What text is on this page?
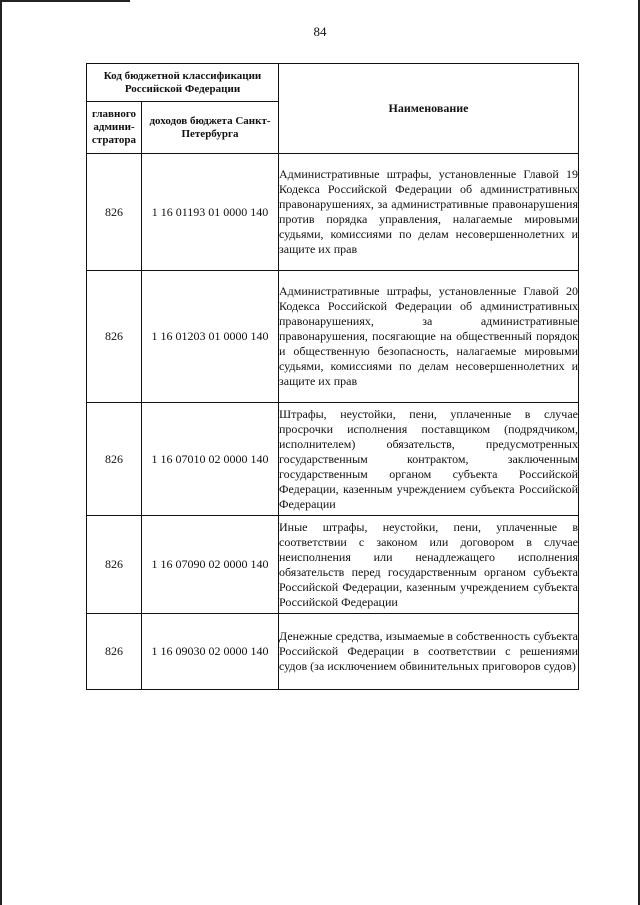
84
Код бюджетной классификации Российской Федерации		Наименование
главного админи-стратора	доходов бюджета Санкт-Петербурга	
826	1 16 01193 01 0000 140	Административные штрафы, установленные Главой 19 Кодекса Российской Федерации об административных правонарушениях, за административные правонарушения против порядка управления, налагаемые мировыми судьями, комиссиями по делам несовершеннолетних и защите их прав
826	1 16 01203 01 0000 140	Административные штрафы, установленные Главой 20 Кодекса Российской Федерации об административных правонарушениях, за административные правонарушения, посягающие на общественный порядок и общественную безопасность, налагаемые мировыми судьями, комиссиями по делам несовершеннолетних и защите их прав
826	1 16 07010 02 0000 140	Штрафы, неустойки, пени, уплаченные в случае просрочки исполнения поставщиком (подрядчиком, исполнителем) обязательств, предусмотренных государственным контрактом, заключенным государственным органом субъекта Российской Федерации, казенным учреждением субъекта Российской Федерации
826	1 16 07090 02 0000 140	Иные штрафы, неустойки, пени, уплаченные в соответствии с законом или договором в случае неисполнения или ненадлежащего исполнения обязательств перед государственным органом субъекта Российской Федерации, казенным учреждением субъекта Российской Федерации
826	1 16 09030 02 0000 140	Денежные средства, изымаемые в собственность субъекта Российской Федерации в соответствии с решениями судов (за исключением обвинительных приговоров судов)
